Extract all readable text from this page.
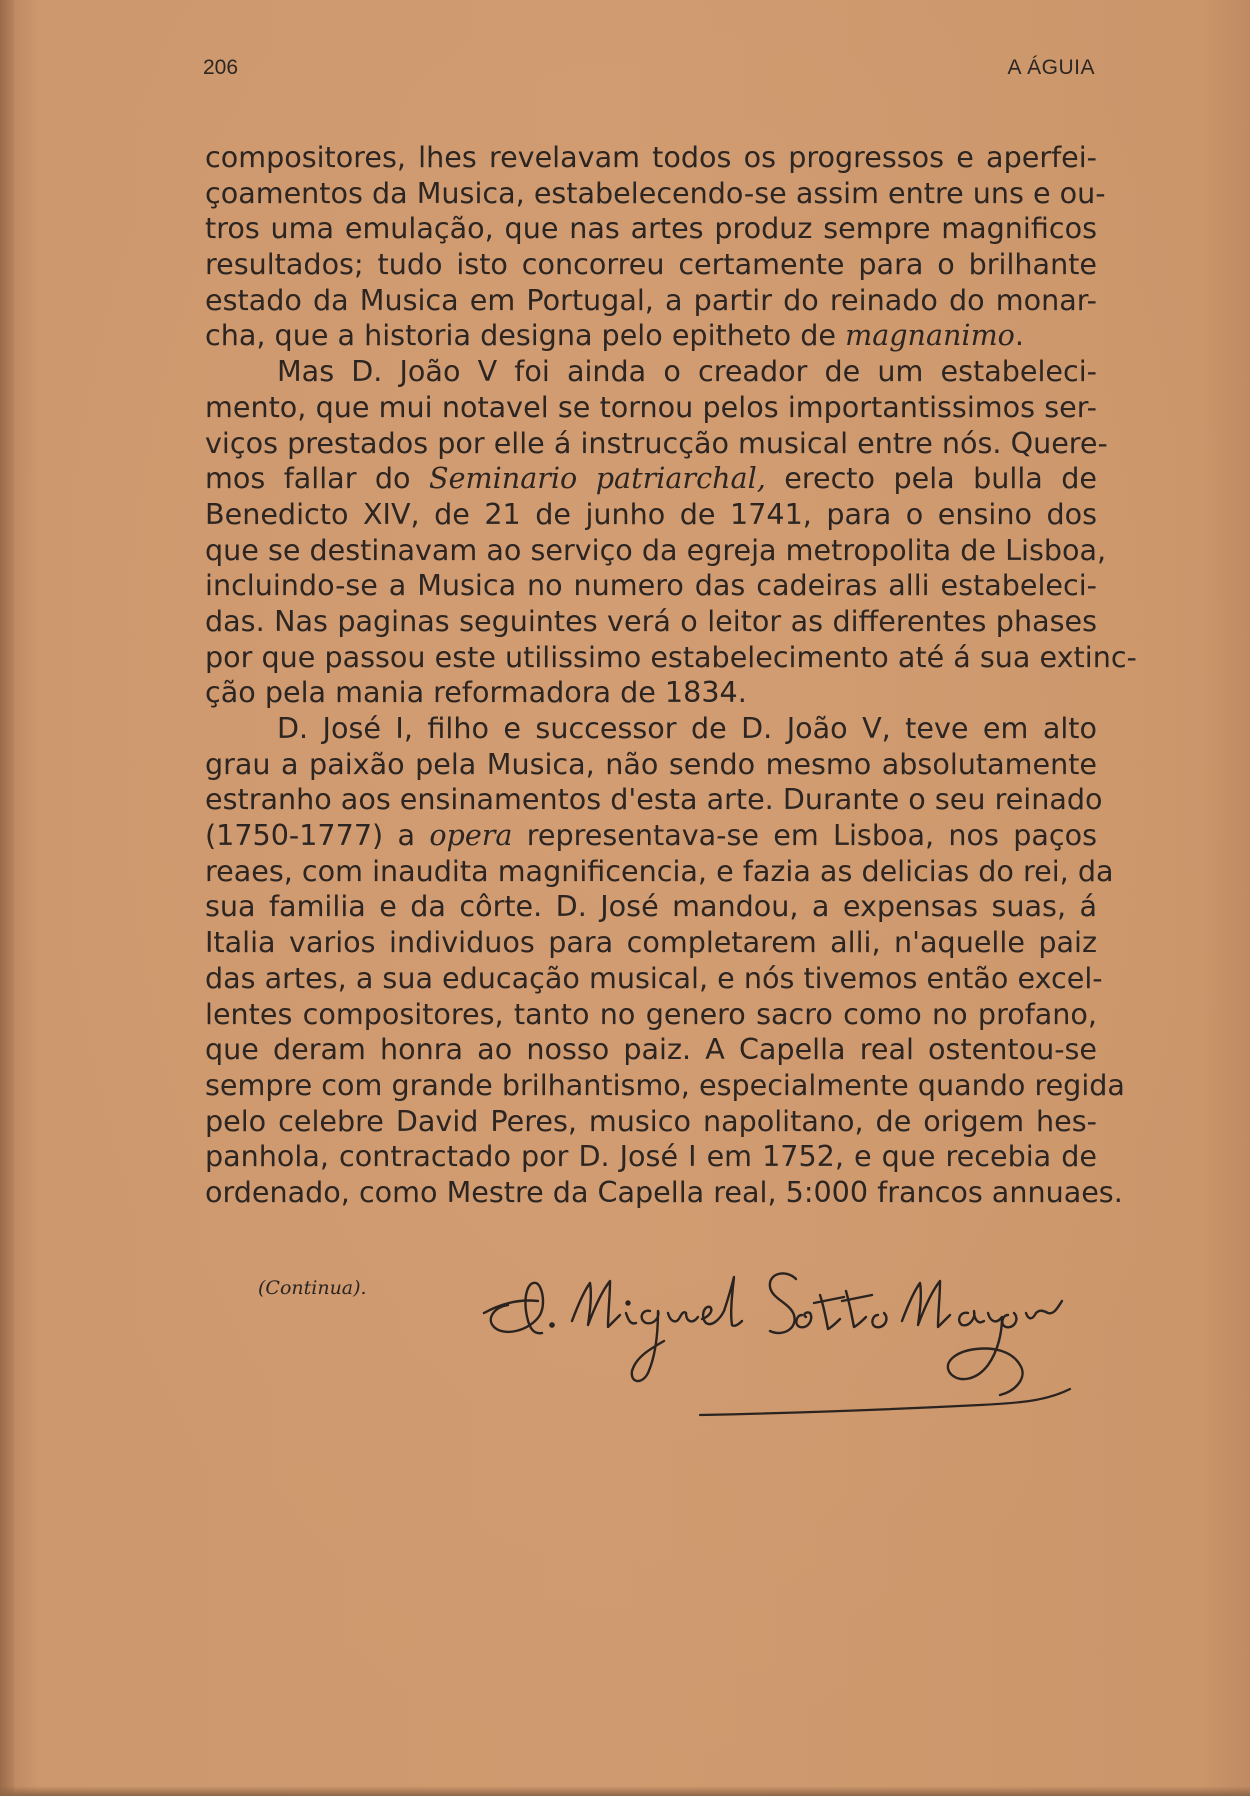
206	A ÁGUIA
compositores, lhes revelavam todos os progressos e aperfei-
çoamentos da Musica, estabelecendo-se assim entre uns e ou-
tros uma emulação, que nas artes produz sempre magnificos
resultados; tudo isto concorreu certamente para o brilhante
estado da Musica em Portugal, a partir do reinado do monar-
cha, que a historia designa pelo epitheto de magnanimo.
Mas D. João V foi ainda o creador de um estabeleci-
mento, que mui notavel se tornou pelos importantissimos ser-
viços prestados por elle á instrucção musical entre nós. Quere-
mos fallar do Seminario patriarchal, erecto pela bulla de
Benedicto XIV, de 21 de junho de 1741, para o ensino dos
que se destinavam ao serviço da egreja metropolita de Lisboa,
incluindo-se a Musica no numero das cadeiras alli estabeleci-
das. Nas paginas seguintes verá o leitor as differentes phases
por que passou este utilissimo estabelecimento até á sua extinc-
ção pela mania reformadora de 1834.
D. José I, filho e successor de D. João V, teve em alto
grau a paixão pela Musica, não sendo mesmo absolutamente
estranho aos ensinamentos d'esta arte. Durante o seu reinado
(1750-1777) a opera representava-se em Lisboa, nos paços
reaes, com inaudita magnificencia, e fazia as delicias do rei, da
sua familia e da côrte. D. José mandou, a expensas suas, á
Italia varios individuos para completarem alli, n'aquelle paiz
das artes, a sua educação musical, e nós tivemos então excel-
lentes compositores, tanto no genero sacro como no profano,
que deram honra ao nosso paiz. A Capella real ostentou-se
sempre com grande brilhantismo, especialmente quando regida
pelo celebre David Peres, musico napolitano, de origem hes-
panhola, contractado por D. José I em 1752, e que recebia de
ordenado, como Mestre da Capella real, 5:000 francos annuaes.
(Continua).
